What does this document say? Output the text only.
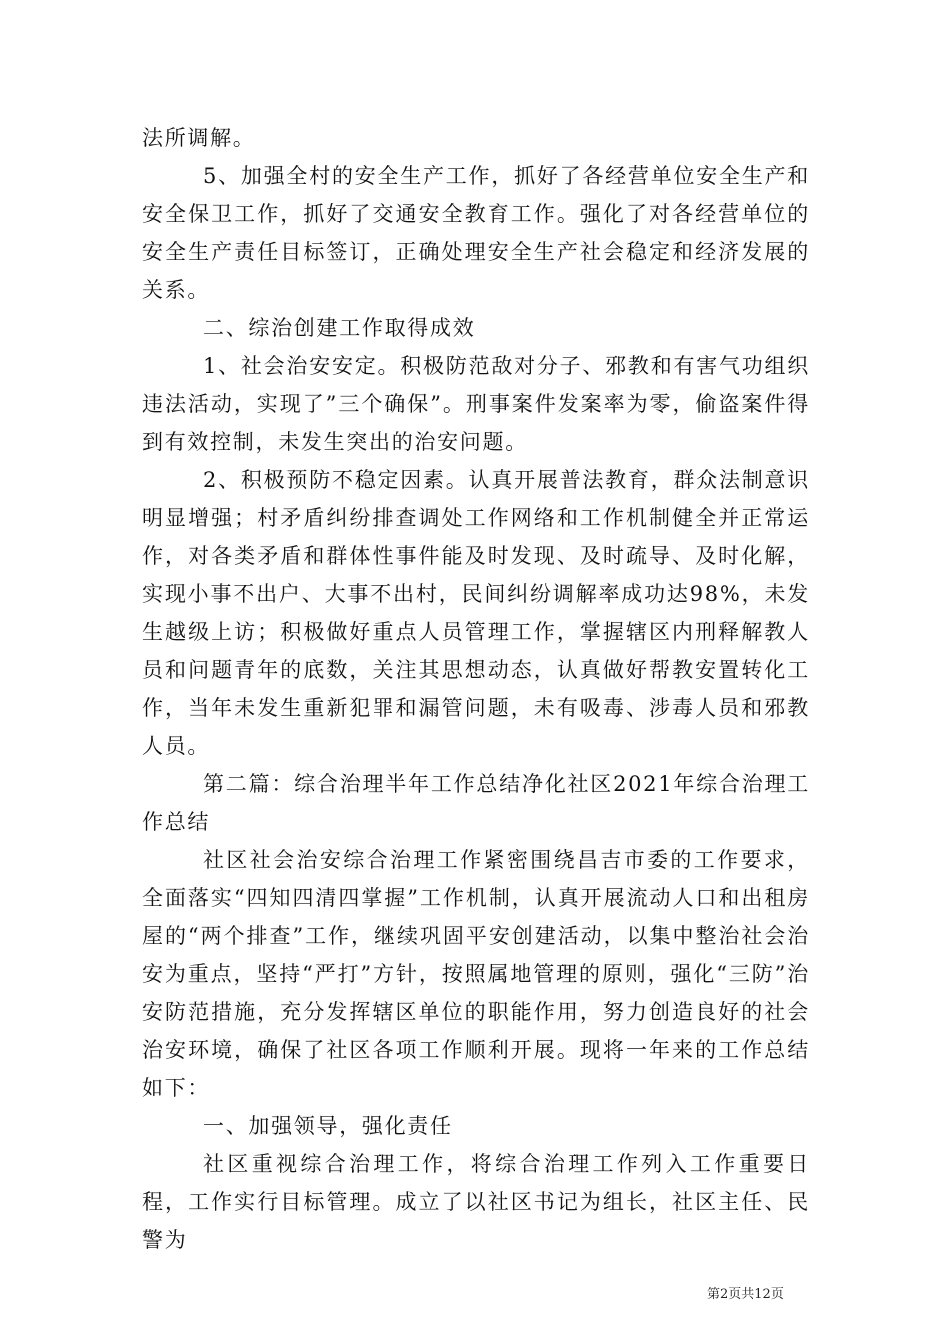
法所调解。

5、加强全村的安全生产工作，抓好了各经营单位安全生产和安全保卫工作，抓好了交通安全教育工作。强化了对各经营单位的安全生产责任目标签订，正确处理安全生产社会稳定和经济发展的关系。

二、综治创建工作取得成效

1、社会治安安定。积极防范敌对分子、邪教和有害气功组织违法活动，实现了”三个确保”。刑事案件发案率为零，偷盗案件得到有效控制，未发生突出的治安问题。

2、积极预防不稳定因素。认真开展普法教育，群众法制意识明显增强；村矛盾纠纷排查调处工作网络和工作机制健全并正常运作，对各类矛盾和群体性事件能及时发现、及时疏导、及时化解，实现小事不出户、大事不出村，民间纠纷调解率成功达98%，未发生越级上访；积极做好重点人员管理工作，掌握辖区内刑释解教人员和问题青年的底数，关注其思想动态，认真做好帮教安置转化工作，当年未发生重新犯罪和漏管问题，未有吸毒、涉毒人员和邪教人员。

第二篇：综合治理半年工作总结净化社区2021年综合治理工作总结

社区社会治安综合治理工作紧密围绕昌吉市委的工作要求，全面落实“四知四清四掌握”工作机制，认真开展流动人口和出租房屋的“两个排查”工作，继续巩固平安创建活动，以集中整治社会治安为重点，坚持“严打”方针，按照属地管理的原则，强化“三防”治安防范措施，充分发挥辖区单位的职能作用，努力创造良好的社会治安环境，确保了社区各项工作顺利开展。现将一年来的工作总结如下：

一、加强领导，强化责任

社区重视综合治理工作，将综合治理工作列入工作重要日程，工作实行目标管理。成立了以社区书记为组长，社区主任、民警为

第2页共12页
